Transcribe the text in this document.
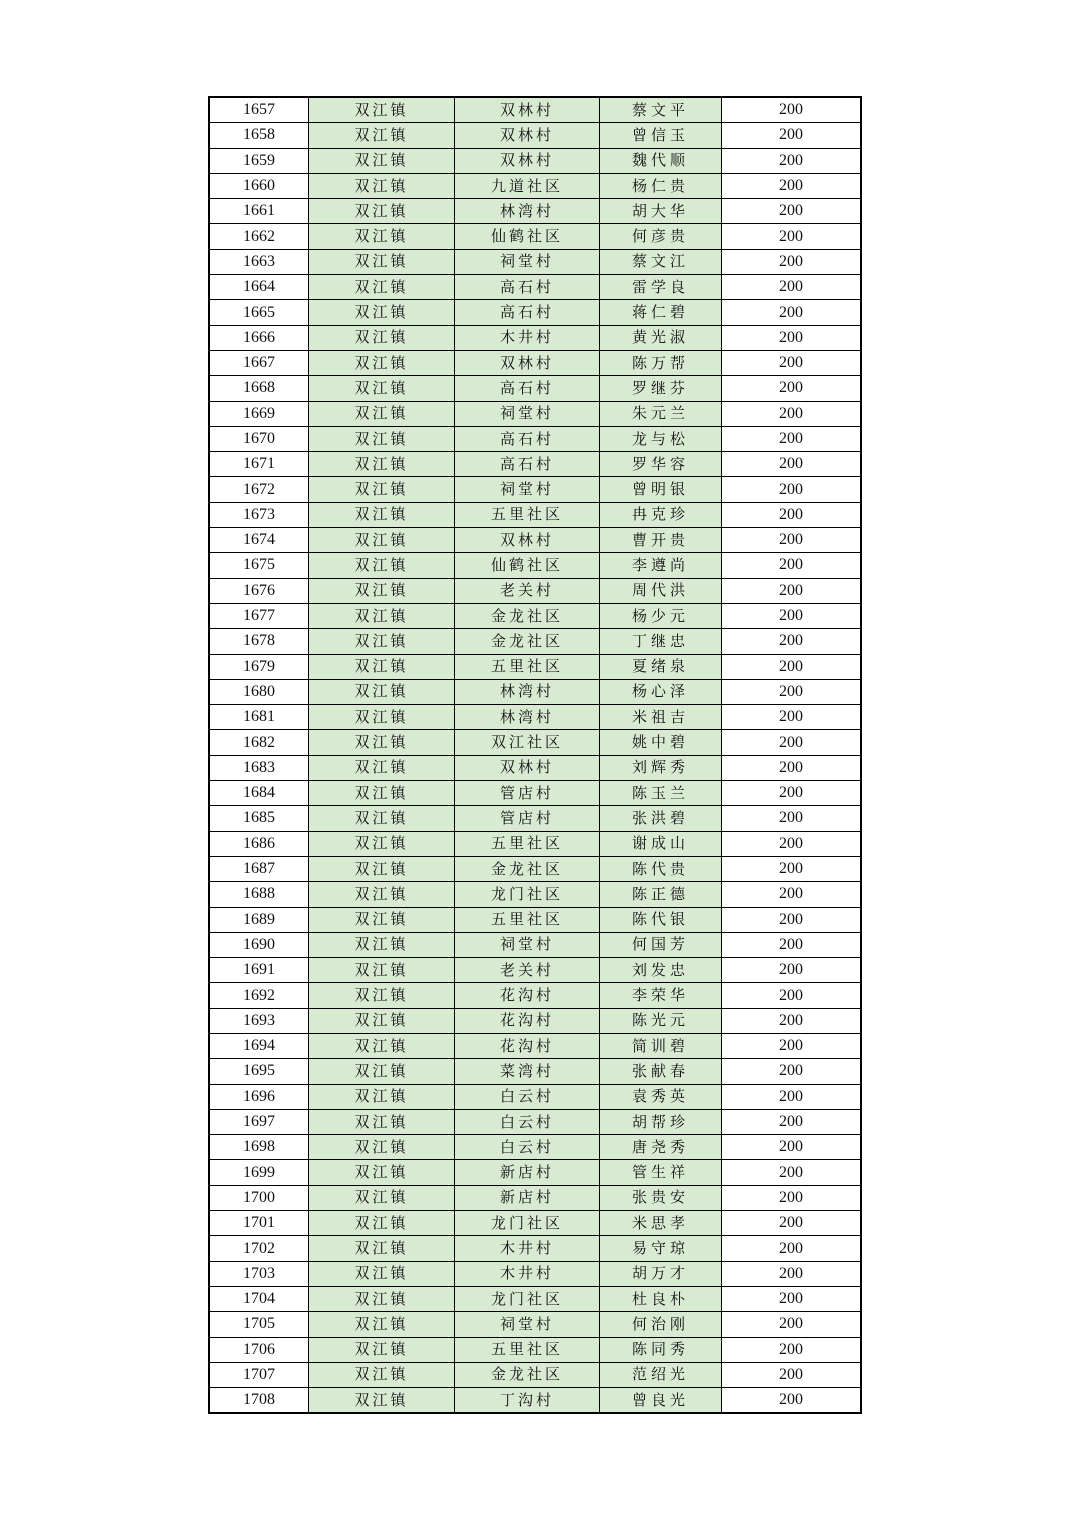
1657	双江镇	双林村	蔡文平	200
1658	双江镇	双林村	曾信玉	200
1659	双江镇	双林村	魏代顺	200
1660	双江镇	九道社区	杨仁贵	200
1661	双江镇	林湾村	胡大华	200
1662	双江镇	仙鹤社区	何彦贵	200
1663	双江镇	祠堂村	蔡文江	200
1664	双江镇	高石村	雷学良	200
1665	双江镇	高石村	蒋仁碧	200
1666	双江镇	木井村	黄光淑	200
1667	双江镇	双林村	陈万帮	200
1668	双江镇	高石村	罗继芬	200
1669	双江镇	祠堂村	朱元兰	200
1670	双江镇	高石村	龙与松	200
1671	双江镇	高石村	罗华容	200
1672	双江镇	祠堂村	曾明银	200
1673	双江镇	五里社区	冉克珍	200
1674	双江镇	双林村	曹开贵	200
1675	双江镇	仙鹤社区	李遵尚	200
1676	双江镇	老关村	周代洪	200
1677	双江镇	金龙社区	杨少元	200
1678	双江镇	金龙社区	丁继忠	200
1679	双江镇	五里社区	夏绪泉	200
1680	双江镇	林湾村	杨心泽	200
1681	双江镇	林湾村	米祖吉	200
1682	双江镇	双江社区	姚中碧	200
1683	双江镇	双林村	刘辉秀	200
1684	双江镇	管店村	陈玉兰	200
1685	双江镇	管店村	张洪碧	200
1686	双江镇	五里社区	谢成山	200
1687	双江镇	金龙社区	陈代贵	200
1688	双江镇	龙门社区	陈正德	200
1689	双江镇	五里社区	陈代银	200
1690	双江镇	祠堂村	何国芳	200
1691	双江镇	老关村	刘发忠	200
1692	双江镇	花沟村	李荣华	200
1693	双江镇	花沟村	陈光元	200
1694	双江镇	花沟村	简训碧	200
1695	双江镇	菜湾村	张献春	200
1696	双江镇	白云村	袁秀英	200
1697	双江镇	白云村	胡帮珍	200
1698	双江镇	白云村	唐尧秀	200
1699	双江镇	新店村	管生祥	200
1700	双江镇	新店村	张贵安	200
1701	双江镇	龙门社区	米思孝	200
1702	双江镇	木井村	易守琼	200
1703	双江镇	木井村	胡万才	200
1704	双江镇	龙门社区	杜良朴	200
1705	双江镇	祠堂村	何治刚	200
1706	双江镇	五里社区	陈同秀	200
1707	双江镇	金龙社区	范绍光	200
1708	双江镇	丁沟村	曾良光	200
